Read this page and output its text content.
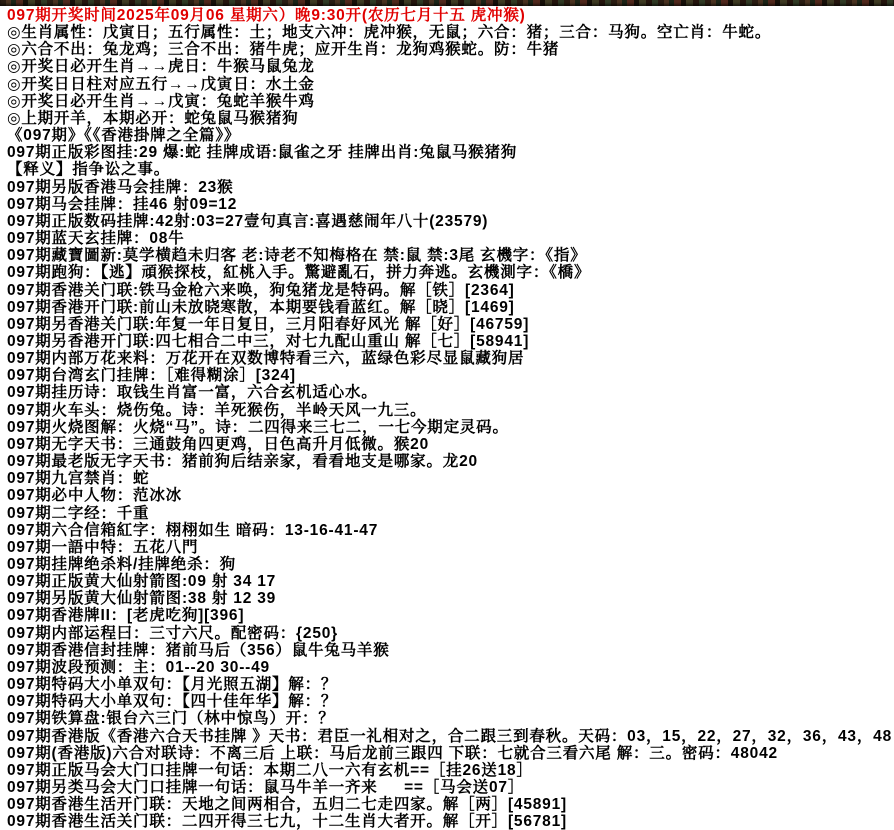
097期开奖时间2025年09月06 星期六）晚9:30开(农历七月十五 虎冲猴)
◎生肖属性：戊寅日；五行属性：土；地支六冲：虎冲猴，无鼠；六合：猪；三合：马狗。空亡肖：牛蛇。
◎六合不出：兔龙鸡；三合不出：猪牛虎；应开生肖：龙狗鸡猴蛇。防：牛猪
◎开奖日必开生肖→→虎日：牛猴马鼠兔龙
◎开奖日日柱对应五行→→戊寅日：水土金
◎开奖日必开生肖→→戊寅：兔蛇羊猴牛鸡
◎上期开羊，本期必开：蛇兔鼠马猴猪狗
《097期》《《香港掛牌之全篇》》
097期正版彩图挂:29 爆:蛇 挂牌成语:鼠雀之牙 挂牌出肖:兔鼠马猴猪狗
【释义】指争讼之事。
097期另版香港马会挂牌：23猴
097期马会挂牌：挂46 射09=12
097期正版数码挂牌:42射:03=27壹句真言:喜遇慈闹年八十(23579)
097期蓝天玄挂牌：08牛
097期藏寶圖新:莫学横趋未归客 老:诗老不知梅格在 禁:鼠 禁:3尾 玄機字：《指》
097期跑狗：【逃】頑猴探枝，紅桃入手。驚避亂石，拼力奔逃。玄機測字：《橋》
097期香港关门联:铁马金枪六来唤，狗兔猪龙是特码。解［铁］[2364]
097期香港开门联:前山未放晓寒散，本期要钱看蓝红。解［晓］[1469]
097期另香港关门联:年复一年日复日，三月阳春好风光 解［好］[46759]
097期另香港开门联:四七相合二中三，对七九配山重山 解［七］[58941]
097期内部万花来料：万花开在双数博特看三六，蓝绿色彩尽显鼠藏狗居
097期台湾玄门挂牌：［难得糊涂］[324]
097期挂历诗：取钱生肖富一富，六合玄机适心水。
097期火车头：烧伤兔。诗：羊死猴伤，半岭天风一九三。
097期火烧图解：火烧“马”。诗：二四得来三七二，一七今期定灵码。
097期无字天书：三通鼓角四更鸡，日色高升月低微。猴20
097期最老版无字天书：猪前狗后结亲家，看看地支是哪家。龙20
097期九宫禁肖：蛇
097期必中人物：范冰冰
097期二字经：千重
097期六合信箱紅字：栩栩如生 暗码：13-16-41-47
097期一語中特：五花八門
097期挂牌绝杀料/挂牌绝杀：狗
097期正版黄大仙射箭图:09 射 34 17
097期另版黄大仙射箭图:38 射 12 39
097期香港牌II：[老虎吃狗][396]
097期内部运程曰：三寸六尺。配密码：{250}
097期香港信封挂牌：猪前马后（356）鼠牛兔马羊猴
097期波段预测：主：01--20 30--49
097期特码大小单双句：【月光照五湖】解：？
097期特码大小单双句：【四十佳年华】解：？
097期铁算盘:银台六三门（林中惊鸟）开：？
097期香港版《香港六合天书挂牌 》天书：君臣一礼相对之，合二跟三到春秋。天码：03，15，22，27，32，36，43，48
097期(香港版)六合对联诗：不离三后 上联：马后龙前三跟四 下联：七就合三看六尾 解：三。密码：48042
097期正版马会大门口挂牌一句话：本期二八一六有玄机==［挂26送18］
097期另类马会大门口挂牌一句话：鼠马牛羊一齐来　  ==［马会送07］
097期香港生活开门联：天地之间两相合，五归二七走四家。解［两］[45891]
097期香港生活关门联：二四开得三七九，十二生肖大者开。解［开］[56781]
